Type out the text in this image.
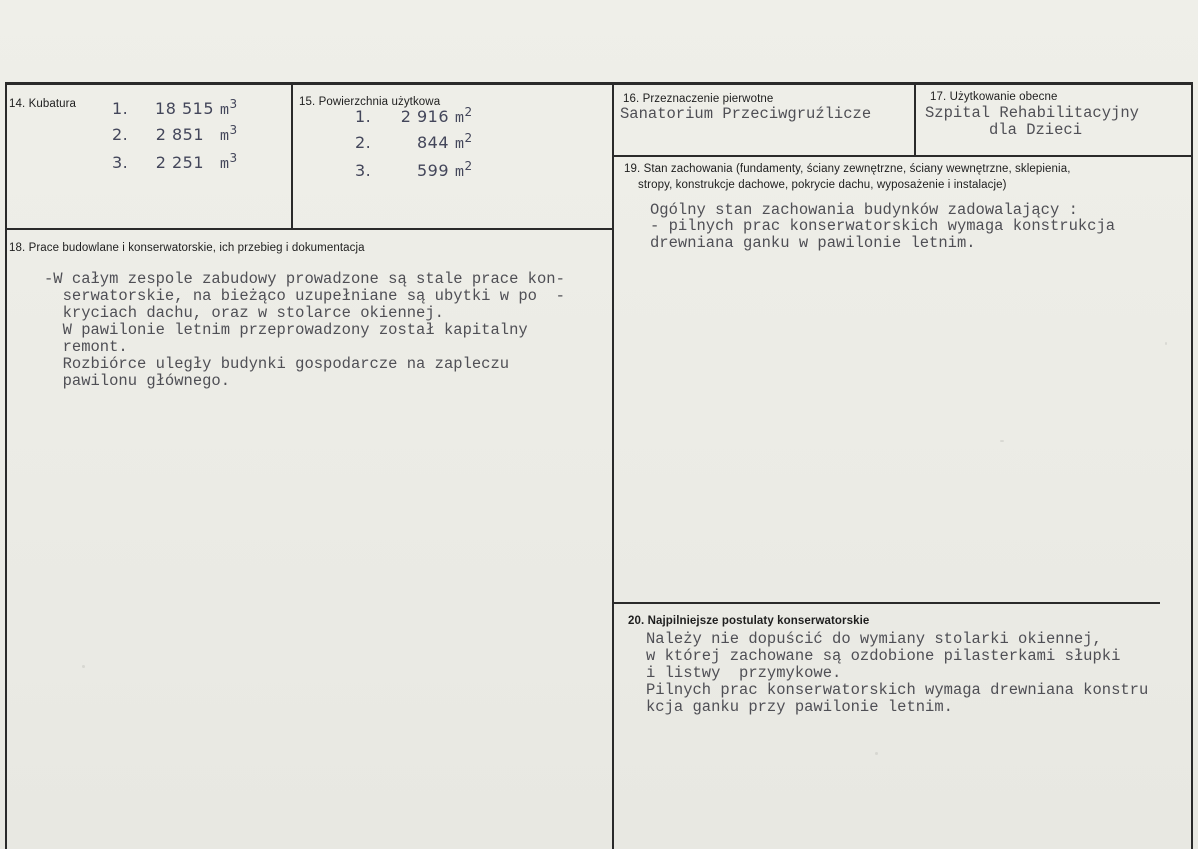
14. Kubatura 1. 18 515 $m^3$
2. 2 851 $m^3$
3. 2 251 $m^3$
15. Powierzchnia użytkowa
1. 2 916 $m^2$
2.	844 $m^2$
3.	599 $m^2$
16. Przeznaczenie pierwotne
Sanatorium Przeciwgruźlicze
17. Użytkowanie obecne
Szpital Rehabilitacyjny
dla Dzieci
18. Prace budowlane i konserwatorskie, ich przebieg i dokumentacja
-W całym zespole zabudowy prowadzone są stale prace kon-
serwatorskie, na bieżąco uzupełniane są ubytki w po  -
kryciach dachu, oraz w stolarce okiennej.
W pawilonie letnim przeprowadzony został kapitalny
remont.
Rozbiórce uległy budynki gospodarcze na zapleczu
pawilonu głównego.
19. Stan zachowania (fundamenty, ściany zewnętrzne, ściany wewnętrzne, sklepienia,
stropy, konstrukcje dachowe, pokrycie dachu, wyposażenie i instalacje)
Ogólny stan zachowania budynków zadowalający :
- pilnych prac konserwatorskich wymaga konstrukcja
drewniana ganku w pawilonie letnim.
20. Najpilniejsze postulaty konserwatorskie
Należy nie dopuścić do wymiany stolarki okiennej,
w której zachowane są ozdobione pilasterkami słupki
i listwy  przymykowe.
Pilnych prac konserwatorskich wymaga drewniana konstru
kcja ganku przy pawilonie letnim.
